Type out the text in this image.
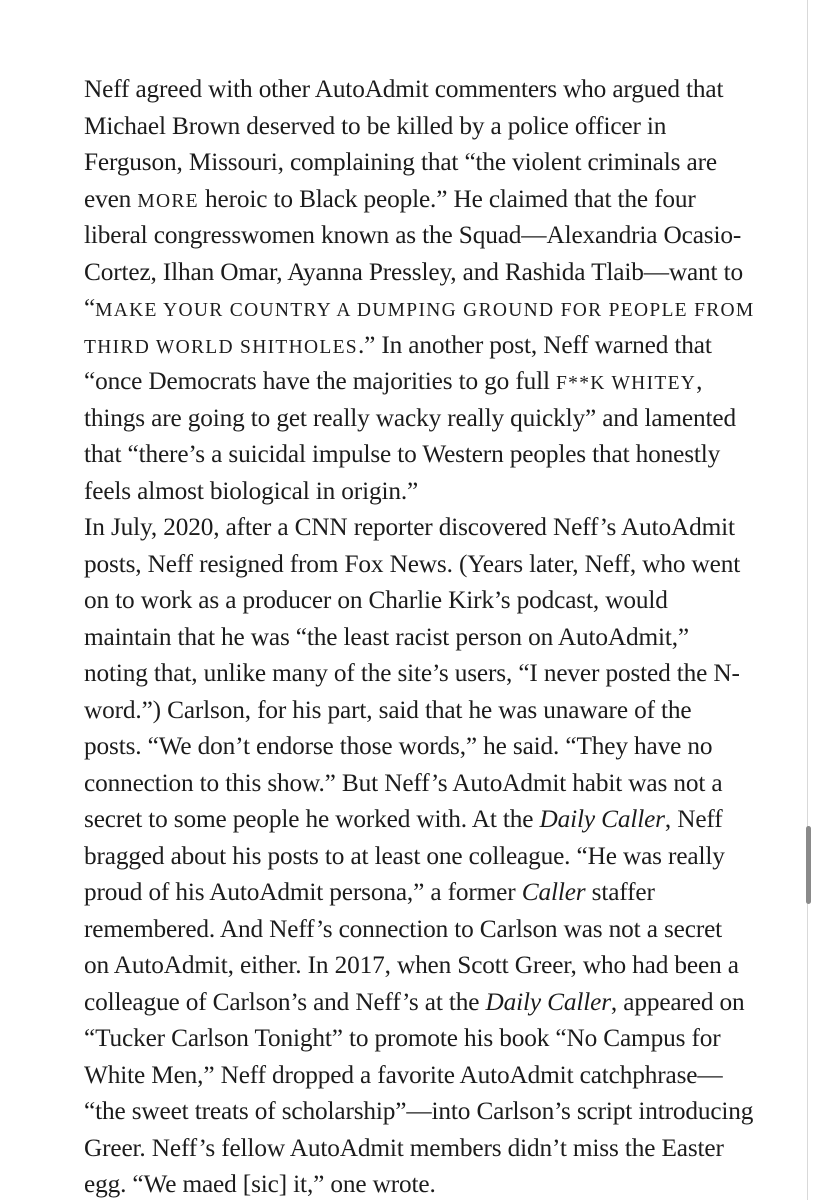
Neff agreed with other AutoAdmit commenters who argued that
Michael Brown deserved to be killed by a police officer in
Ferguson, Missouri, complaining that “the violent criminals are
even MORE heroic to Black people.” He claimed that the four
liberal congresswomen known as the Squad—Alexandria Ocasio-
Cortez, Ilhan Omar, Ayanna Pressley, and Rashida Tlaib—want to
“MAKE YOUR COUNTRY A DUMPING GROUND FOR PEOPLE FROM
THIRD WORLD SHITHOLES.” In another post, Neff warned that
“once Democrats have the majorities to go full F**K WHITEY,
things are going to get really wacky really quickly” and lamented
that “there’s a suicidal impulse to Western peoples that honestly
feels almost biological in origin.”
In July, 2020, after a CNN reporter discovered Neff’s AutoAdmit
posts, Neff resigned from Fox News. (Years later, Neff, who went
on to work as a producer on Charlie Kirk’s podcast, would
maintain that he was “the least racist person on AutoAdmit,”
noting that, unlike many of the site’s users, “I never posted the N-
word.”) Carlson, for his part, said that he was unaware of the
posts. “We don’t endorse those words,” he said. “They have no
connection to this show.” But Neff’s AutoAdmit habit was not a
secret to some people he worked with. At the Daily Caller, Neff
bragged about his posts to at least one colleague. “He was really
proud of his AutoAdmit persona,” a former Caller staffer
remembered. And Neff’s connection to Carlson was not a secret
on AutoAdmit, either. In 2017, when Scott Greer, who had been a
colleague of Carlson’s and Neff’s at the Daily Caller, appeared on
“Tucker Carlson Tonight” to promote his book “No Campus for
White Men,” Neff dropped a favorite AutoAdmit catchphrase—
“the sweet treats of scholarship”—into Carlson’s script introducing
Greer. Neff’s fellow AutoAdmit members didn’t miss the Easter
egg. “We maed [sic] it,” one wrote.
